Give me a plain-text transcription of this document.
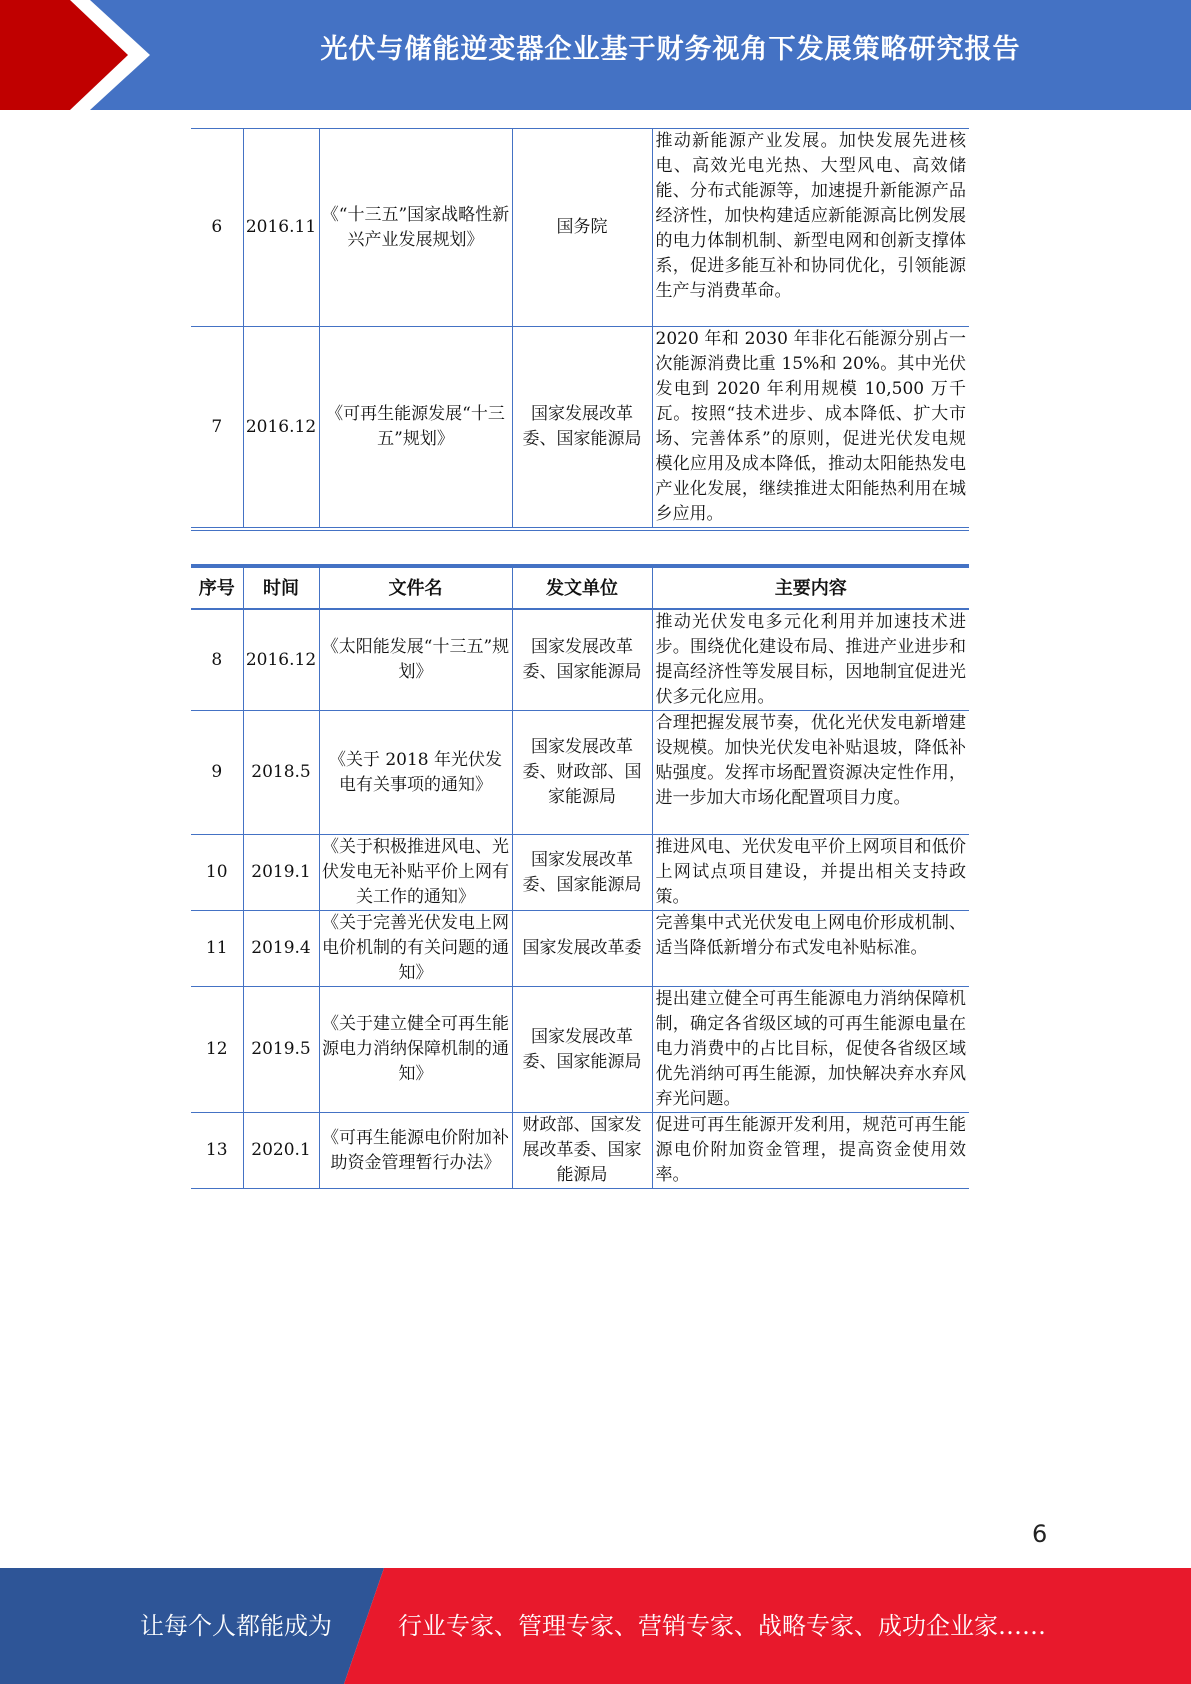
光伏与储能逆变器企业基于财务视角下发展策略研究报告
6	2016.11	《“十三五”国家战略性新兴产业发展规划》	国务院	推动新能源产业发展。加快发展先进核电、高效光电光热、大型风电、高效储能、分布式能源等，加速提升新能源产品经济性，加快构建适应新能源高比例发展的电力体制机制、新型电网和创新支撑体系，促进多能互补和协同优化，引领能源生产与消费革命。
7	2016.12	《可再生能源发展“十三五”规划》	国家发展改革委、国家能源局	2020 年和 2030 年非化石能源分别占一次能源消费比重 15%和 20%。其中光伏发电到 2020 年利用规模 10,500 万千瓦。按照“技术进步、成本降低、扩大市场、完善体系”的原则，促进光伏发电规模化应用及成本降低，推动太阳能热发电产业化发展，继续推进太阳能热利用在城乡应用。
序号	时间	文件名	发文单位	主要内容
8	2016.12	《太阳能发展“十三五”规划》	国家发展改革委、国家能源局	推动光伏发电多元化利用并加速技术进步。围绕优化建设布局、推进产业进步和提高经济性等发展目标，因地制宜促进光伏多元化应用。
9	2018.5	《关于 2018 年光伏发电有关事项的通知》	国家发展改革委、财政部、国家能源局	合理把握发展节奏，优化光伏发电新增建设规模。加快光伏发电补贴退坡，降低补贴强度。发挥市场配置资源决定性作用，进一步加大市场化配置项目力度。
10	2019.1	《关于积极推进风电、光伏发电无补贴平价上网有关工作的通知》	国家发展改革委、国家能源局	推进风电、光伏发电平价上网项目和低价上网试点项目建设，并提出相关支持政策。
11	2019.4	《关于完善光伏发电上网电价机制的有关问题的通知》	国家发展改革委	完善集中式光伏发电上网电价形成机制、适当降低新增分布式发电补贴标准。
12	2019.5	《关于建立健全可再生能源电力消纳保障机制的通知》	国家发展改革委、国家能源局	提出建立健全可再生能源电力消纳保障机制，确定各省级区域的可再生能源电量在电力消费中的占比目标，促使各省级区域优先消纳可再生能源，加快解决弃水弃风弃光问题。
13	2020.1	《可再生能源电价附加补助资金管理暂行办法》	财政部、国家发展改革委、国家能源局	促进可再生能源开发利用，规范可再生能源电价附加资金管理，提高资金使用效率。
6
让每个人都能成为	行业专家、管理专家、营销专家、战略专家、成功企业家……
